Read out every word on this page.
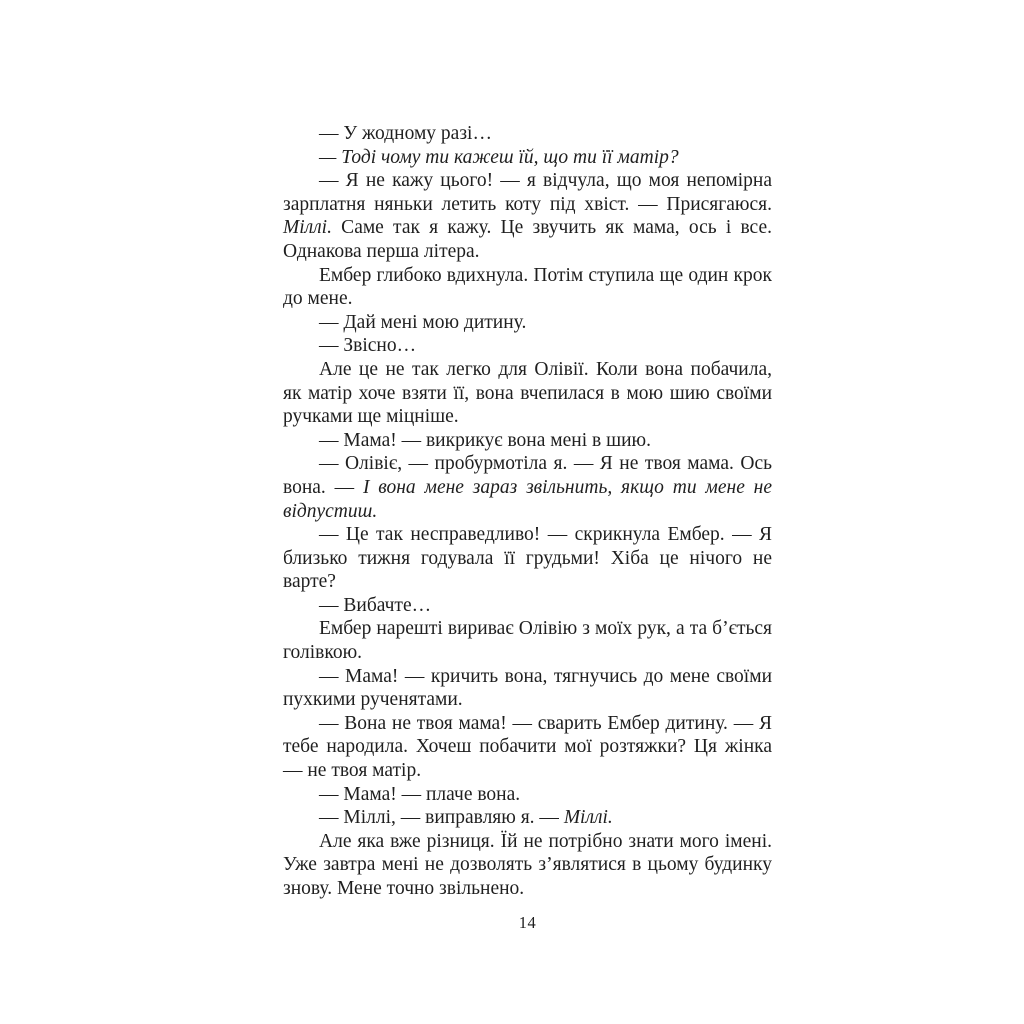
— У жодному разі…

— Тоді чому ти кажеш їй, що ти її матір?

— Я не кажу цього! — я відчула, що моя непомірна зарплатня няньки летить коту під хвіст. — Присягаюся. Міллі. Саме так я кажу. Це звучить як мама, ось і все. Однакова перша літера.

Ембер глибоко вдихнула. Потім ступила ще один крок до мене.

— Дай мені мою дитину.

— Звісно…

Але це не так легко для Олівії. Коли вона побачила, як матір хоче взяти її, вона вчепилася в мою шию своїми ручками ще міцніше.

— Мама! — викрикує вона мені в шию.

— Олівіє, — пробурмотіла я. — Я не твоя мама. Ось вона. — І вона мене зараз звільнить, якщо ти мене не відпустиш.

— Це так несправедливо! — скрикнула Ембер. — Я близько тижня годувала її грудьми! Хіба це нічого не варте?

— Вибачте…

Ембер нарешті вириває Олівію з моїх рук, а та б’ється голівкою.

— Мама! — кричить вона, тягнучись до мене своїми пухкими рученятами.

— Вона не твоя мама! — сварить Ембер дитину. — Я тебе народила. Хочеш побачити мої розтяжки? Ця жінка — не твоя матір.

— Мама! — плаче вона.

— Міллі, — виправляю я. — Міллі.

Але яка вже різниця. Їй не потрібно знати мого імені. Уже завтра мені не дозволять з’являтися в цьому будинку знову. Мене точно звільнено.

14
